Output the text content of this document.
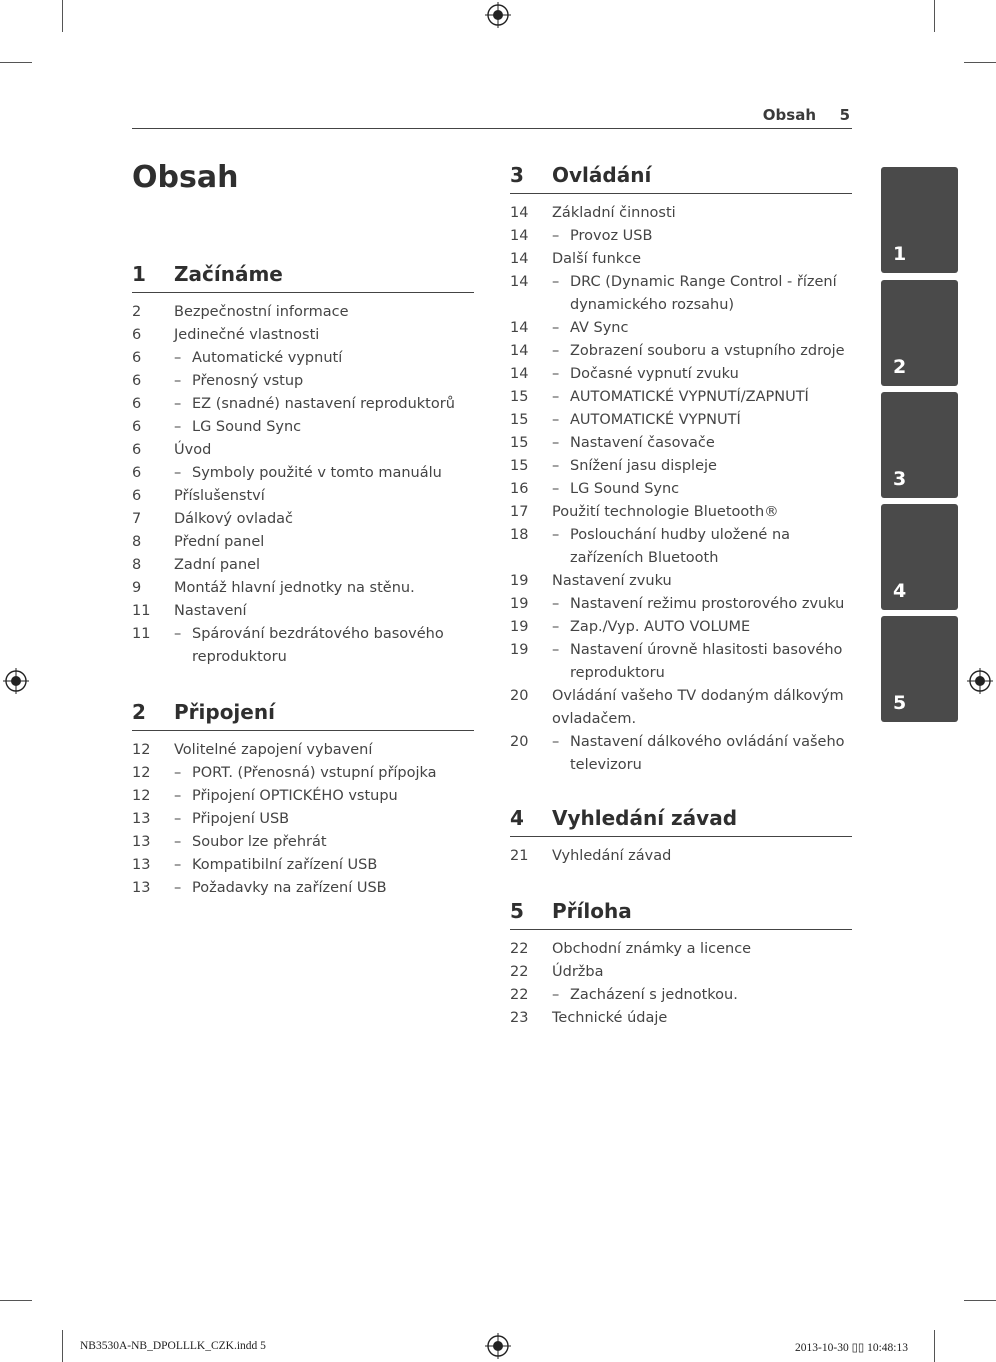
Obsah 5
Obsah
1 Začínáme
2 Bezpečnostní informace
6 Jedinečné vlastnosti
6 – Automatické vypnutí
6 – Přenosný vstup
6 – EZ (snadné) nastavení reproduktorů
6 – LG Sound Sync
6 Úvod
6 – Symboly použité v tomto manuálu
6 Příslušenství
7 Dálkový ovladač
8 Přední panel
8 Zadní panel
9 Montáž hlavní jednotky na stěnu.
11 Nastavení
11 – Spárování bezdrátového basového reproduktoru
2 Připojení
12 Volitelné zapojení vybavení
12 – PORT. (Přenosná) vstupní přípojka
12 – Připojení OPTICKÉHO vstupu
13 – Připojení USB
13 – Soubor lze přehrát
13 – Kompatibilní zařízení USB
13 – Požadavky na zařízení USB
3 Ovládání
14 Základní činnosti
14 – Provoz USB
14 Další funkce
14 – DRC (Dynamic Range Control - řízení dynamického rozsahu)
14 – AV Sync
14 – Zobrazení souboru a vstupního zdroje
14 – Dočasné vypnutí zvuku
15 – AUTOMATICKÉ VYPNUTÍ/ZAPNUTÍ
15 – AUTOMATICKÉ VYPNUTÍ
15 – Nastavení časovače
15 – Snížení jasu displeje
16 – LG Sound Sync
17 Použití technologie Bluetooth®
18 – Poslouchání hudby uložené na zařízeních Bluetooth
19 Nastavení zvuku
19 – Nastavení režimu prostorového zvuku
19 – Zap./Vyp. AUTO VOLUME
19 – Nastavení úrovně hlasitosti basového reproduktoru
20 Ovládání vašeho TV dodaným dálkovým ovladačem.
20 – Nastavení dálkového ovládání vašeho televizoru
4 Vyhledání závad
21 Vyhledání závad
5 Příloha
22 Obchodní známky a licence
22 Údržba
22 – Zacházení s jednotkou.
23 Technické údaje
1
2
3
4
5
NB3530A-NB_DPOLLLK_CZK.indd 5	2013-10-30 ▯▯ 10:48:13
